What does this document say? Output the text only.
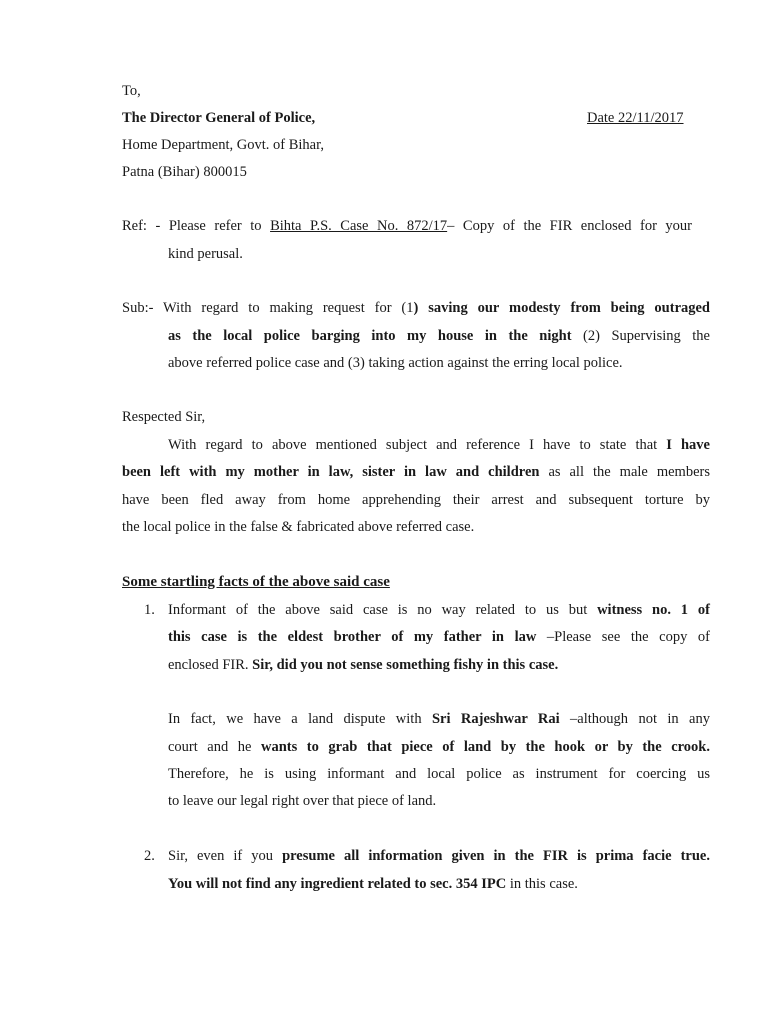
To,
The Director General of Police,	Date 22/11/2017
Home Department, Govt. of Bihar,
Patna (Bihar) 800015
Ref: - Please refer to Bihta P.S. Case No. 872/17– Copy of the FIR enclosed for your
kind perusal.
Sub:- With regard to making request for (1) saving our modesty from being outraged
as the local police barging into my house in the night (2) Supervising the
above referred police case and (3) taking action against the erring local police.
Respected Sir,
With regard to above mentioned subject and reference I have to state that I have
been left with my mother in law, sister in law and children as all the male members
have been fled away from home apprehending their arrest and subsequent torture by
the local police in the false & fabricated above referred case.
Some startling facts of the above said case
1. Informant of the above said case is no way related to us but witness no. 1 of
this case is the eldest brother of my father in law –Please see the copy of
enclosed FIR. Sir, did you not sense something fishy in this case.
In fact, we have a land dispute with Sri Rajeshwar Rai –although not in any
court and he wants to grab that piece of land by the hook or by the crook.
Therefore, he is using informant and local police as instrument for coercing us
to leave our legal right over that piece of land.
2. Sir, even if you presume all information given in the FIR is prima facie true.
You will not find any ingredient related to sec. 354 IPC in this case.
